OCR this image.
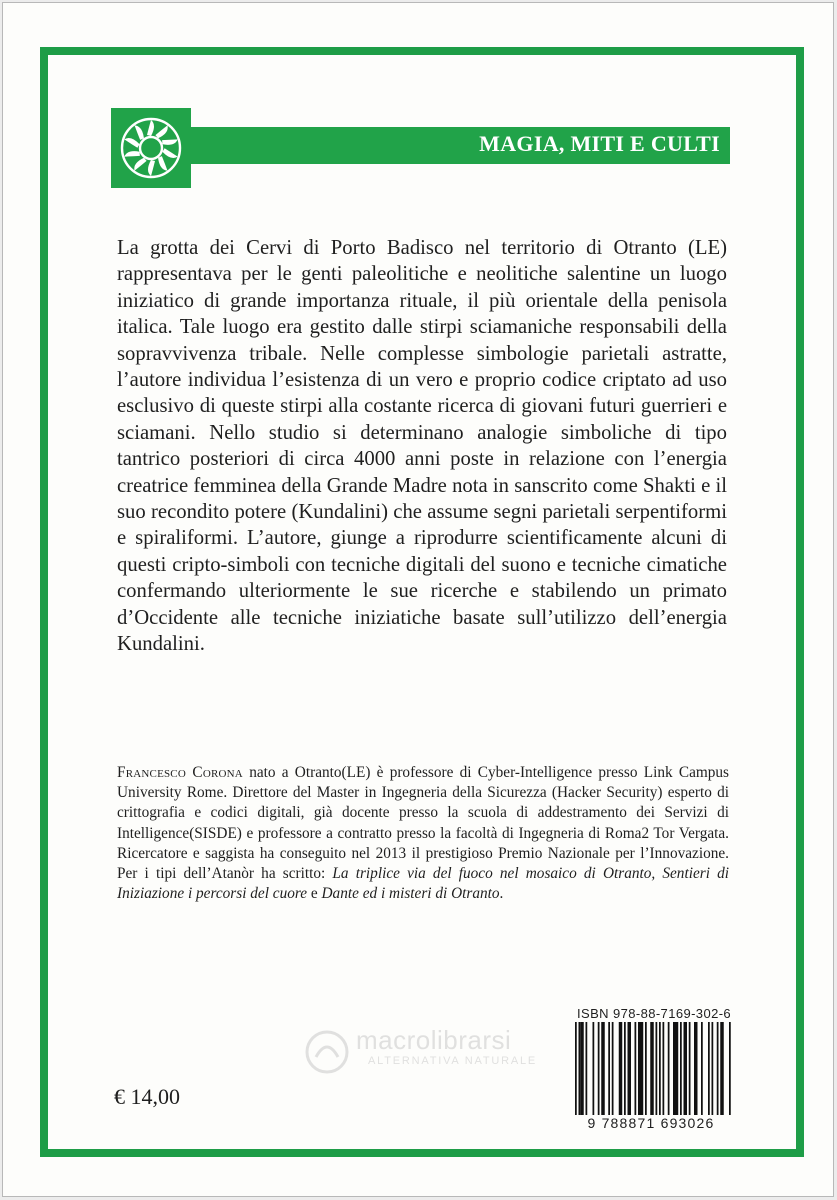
MAGIA, MITI E CULTI
La grotta dei Cervi di Porto Badisco nel territorio di Otranto (LE) rappresentava per le genti paleolitiche e neolitiche salentine un luogo iniziatico di grande importanza rituale, il più orientale della penisola italica. Tale luogo era gestito dalle stirpi sciamaniche responsabili della sopravvivenza tribale. Nelle complesse simbologie parietali astratte, l’autore individua l’esistenza di un vero e proprio codice criptato ad uso esclusivo di queste stirpi alla costante ricerca di giovani futuri guerrieri e sciamani. Nello studio si determinano analogie simboliche di tipo tantrico posteriori di circa 4000 anni poste in relazione con l’energia creatrice femminea della Grande Madre nota in sanscrito come Shakti e il suo recondito potere (Kundalini) che assume segni parietali serpentiformi e spiraliformi. L’autore, giunge a riprodurre scientificamente alcuni di questi cripto-simboli con tecniche digitali del suono e tecniche cimatiche confermando ulteriormente le sue ricerche e stabilendo un primato d’Occidente alle tecniche iniziatiche basate sull’utilizzo dell’energia Kundalini.
Francesco Corona nato a Otranto(LE) è professore di Cyber-Intelligence presso Link Campus University Rome. Direttore del Master in Ingegneria della Sicurezza (Hacker Security) esperto di crittografia e codici digitali, già docente presso la scuola di addestramento dei Servizi di Intelligence(SISDE) e professore a contratto presso la facoltà di Ingegneria di Roma2 Tor Vergata. Ricercatore e saggista ha conseguito nel 2013 il prestigioso Premio Nazionale per l’Innovazione. Per i tipi dell’Atanòr ha scritto: La triplice via del fuoco nel mosaico di Otranto, Sentieri di Iniziazione i percorsi del cuore e Dante ed i misteri di Otranto.
macrolibrarsi
ALTERNATIVA NATURALE
ISBN 978-88-7169-302-6
9 788871 693026
€ 14,00
